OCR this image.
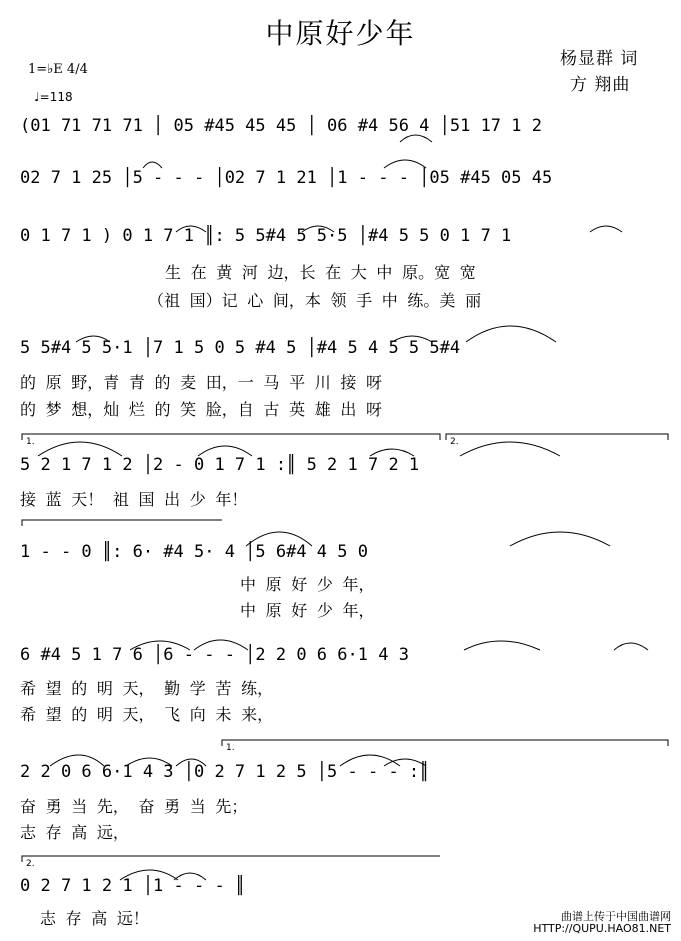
中原好少年
杨显群 词
方 翔曲
1=♭E 4/4
♩=118
(01 71 71 71 │ 05 #45 45 45 │ 06 #4 56 4 │51 17 1 2
02 7 1 25 │5 - - - │02 7 1 21 │1 - - - │05 #45 05 45
0 1 7 1 ) 0 1 7 1 ║: 5 5#4 5 5·5 │#4 5 5 0 1 7 1
生 在 黄 河 边，长 在 大 中 原。宽 宽
（祖 国）记 心 间，本 领 手 中 练。美 丽
5 5#4 5 5·1 │7 1 5 0 5 #4 5 │#4 5 4 5 5 5#4
的 原 野，青 青 的 麦 田，一 马 平 川 接 呀
的 梦 想，灿 烂 的 笑 脸，自 古 英 雄 出 呀
5 2 1 7 1 2 │2 - 0 1 7 1 :║ 5 2 1 7 2 1
接 蓝 天！ 祖 国 出 少 年！
1 - - 0 ║: 6· #4 5· 4 │5 6#4 4 5 0
中 原 好 少 年，
中 原 好 少 年，
6 #4 5 1 7 6 │6 - - - │2 2 0 6 6·1 4 3
希 望 的 明 天， 勤 学 苦 练，
希 望 的 明 天， 飞 向 未 来，
2 2 0 6 6·1 4 3 │0 2 7 1 2 5 │5 - - - :║
奋 勇 当 先， 奋 勇 当 先；
志 存 高 远，
0 2 7 1 2 1 │1 - - - ║
志 存 高 远！
1.	2.
1.
2.
曲谱上传于中国曲谱网
HTTP://QUPU.HAO81.NET
